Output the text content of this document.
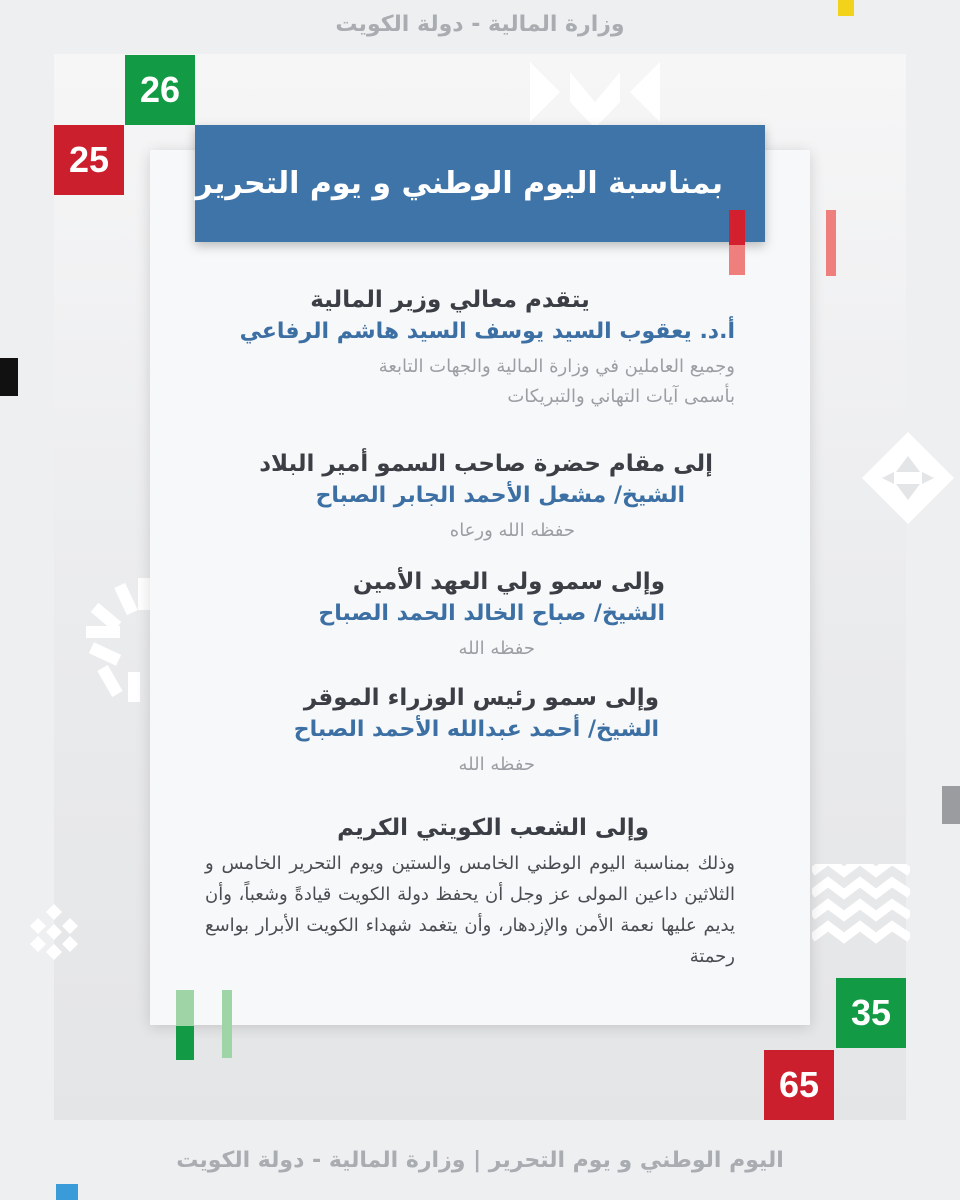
وزارة المالية - دولة الكويت
26
25
بمناسبة اليوم الوطني و يوم التحرير
35
65
يتقدم معالي وزير المالية
أ.د. يعقوب السيد يوسف السيد هاشم الرفاعي
وجميع العاملين في وزارة المالية والجهات التابعة
بأسمى آيات التهاني والتبريكات
إلى مقام حضرة صاحب السمو أمير البلاد
الشيخ/ مشعل الأحمد الجابر الصباح
حفظه الله ورعاه
وإلى سمو ولي العهد الأمين
الشيخ/ صباح الخالد الحمد الصباح
حفظه الله
وإلى سمو رئيس الوزراء الموقر
الشيخ/ أحمد عبدالله الأحمد الصباح
حفظه الله
وإلى الشعب الكويتي الكريم
وذلك بمناسبة اليوم الوطني الخامس والستين ويوم التحرير الخامس و الثلاثين داعين المولى عز وجل أن يحفظ دولة الكويت قيادةً وشعباً، وأن يديم عليها نعمة الأمن والإزدهار، وأن يتغمد شهداء الكويت الأبرار بواسع رحمتة
اليوم الوطني و يوم التحرير | وزارة المالية - دولة الكويت
